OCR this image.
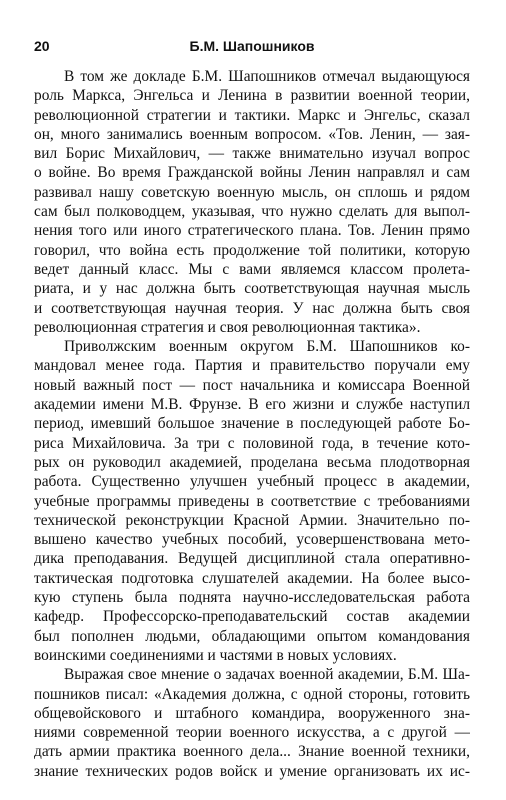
20	Б.М. Шапошников
В том же докладе Б.М. Шапошников отмечал выдающуюся
роль Маркса, Энгельса и Ленина в развитии военной теории,
революционной стратегии и тактики. Маркс и Энгельс, сказал
он, много занимались военным вопросом. «Тов. Ленин, — зая-
вил Борис Михайлович, — также внимательно изучал вопрос
о войне. Во время Гражданской войны Ленин направлял и сам
развивал нашу советскую военную мысль, он сплошь и рядом
сам был полководцем, указывая, что нужно сделать для выпол-
нения того или иного стратегического плана. Тов. Ленин прямо
говорил, что война есть продолжение той политики, которую
ведет данный класс. Мы с вами являемся классом пролета-
риата, и у нас должна быть соответствующая научная мысль
и соответствующая научная теория. У нас должна быть своя
революционная стратегия и своя революционная тактика».
Приволжским военным округом Б.М. Шапошников ко-
мандовал менее года. Партия и правительство поручали ему
новый важный пост — пост начальника и комиссара Военной
академии имени М.В. Фрунзе. В его жизни и службе наступил
период, имевший большое значение в последующей работе Бо-
риса Михайловича. За три с половиной года, в течение кото-
рых он руководил академией, проделана весьма плодотворная
работа. Существенно улучшен учебный процесс в академии,
учебные программы приведены в соответствие с требованиями
технической реконструкции Красной Армии. Значительно по-
вышено качество учебных пособий, усовершенствована мето-
дика преподавания. Ведущей дисциплиной стала оперативно-
тактическая подготовка слушателей академии. На более высо-
кую ступень была поднята научно-исследовательская работа
кафедр. Профессорско-преподавательский состав академии
был пополнен людьми, обладающими опытом командования
воинскими соединениями и частями в новых условиях.
Выражая свое мнение о задачах военной академии, Б.М. Ша-
пошников писал: «Академия должна, с одной стороны, готовить
общевойскового и штабного командира, вооруженного зна-
ниями современной теории военного искусства, а с другой —
дать армии практика военного дела... Знание военной техники,
знание технических родов войск и умение организовать их ис-
